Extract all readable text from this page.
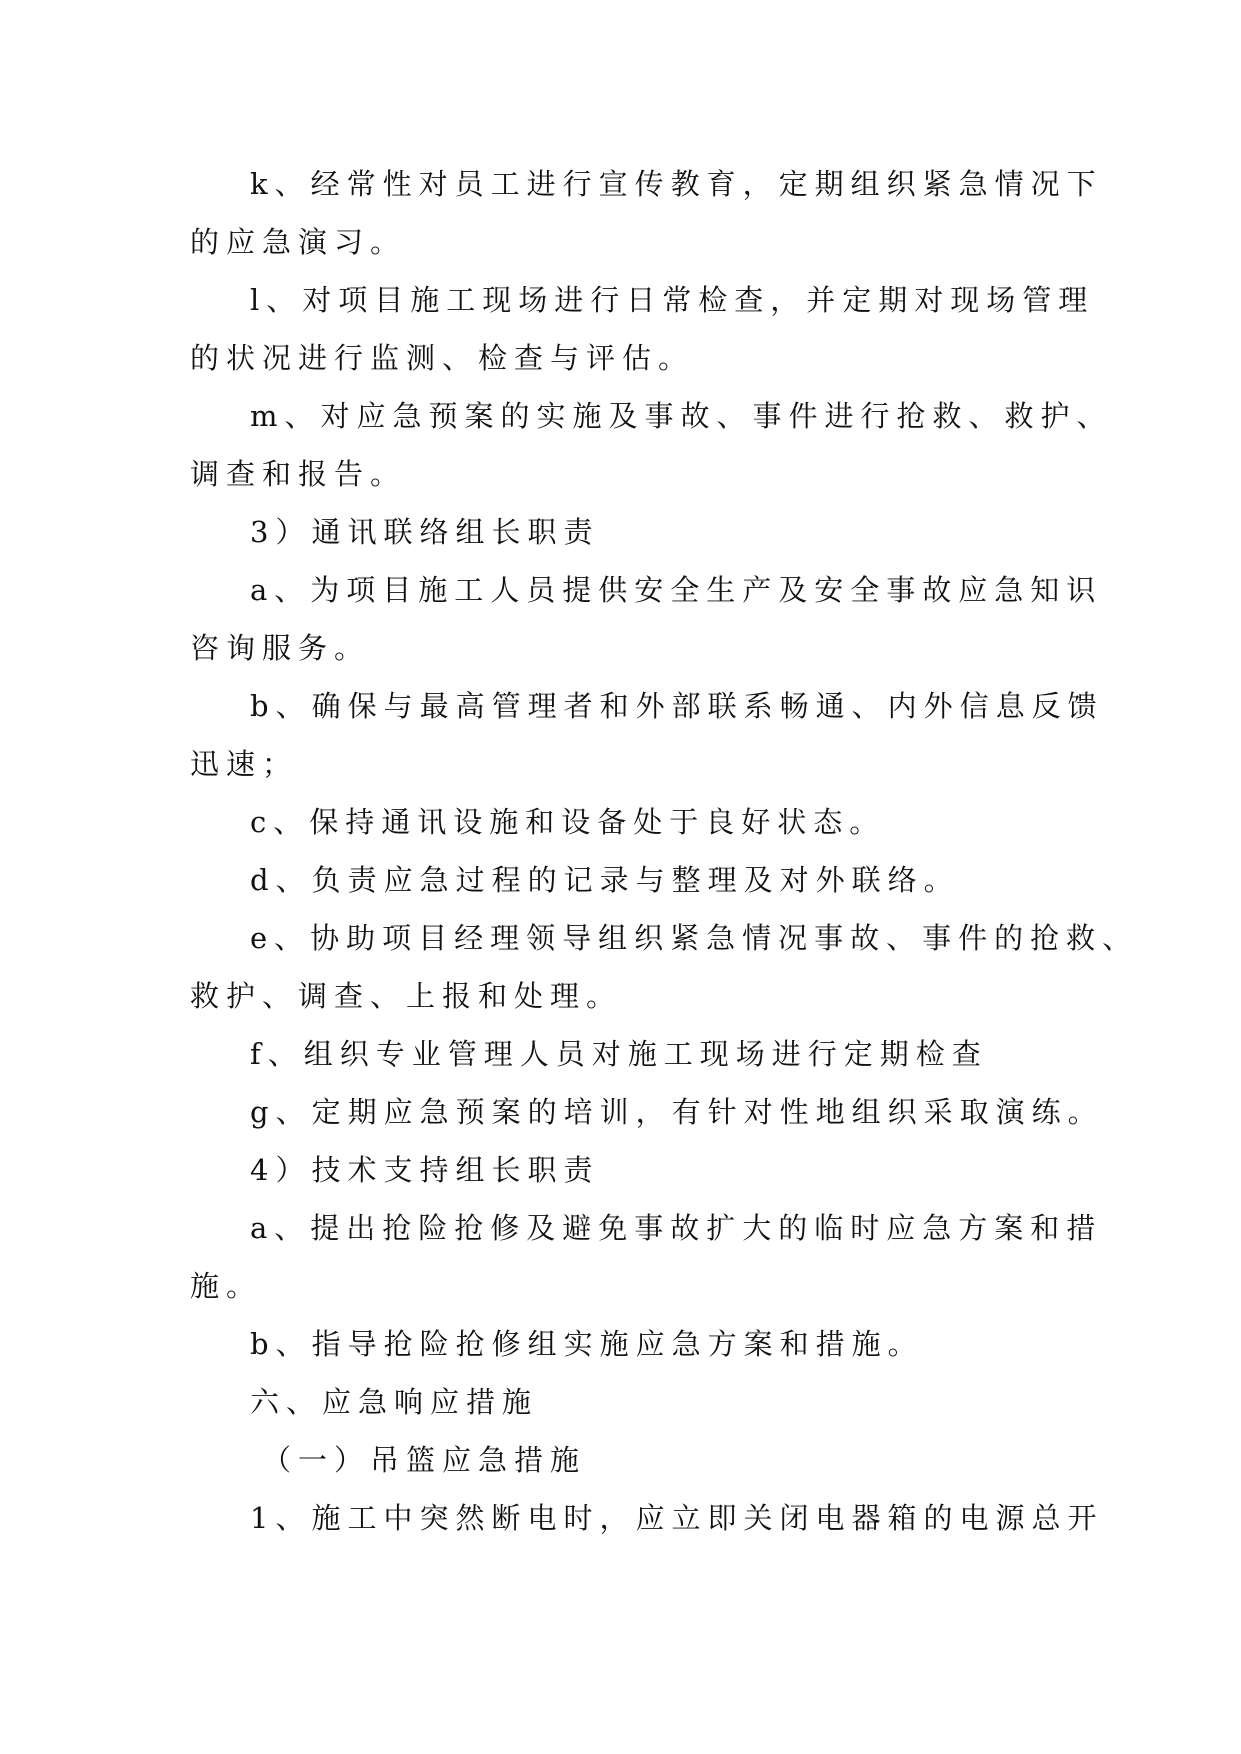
k、经常性对员工进行宣传教育，定期组织紧急情况下
的应急演习。
l、对项目施工现场进行日常检查，并定期对现场管理
的状况进行监测、检查与评估。
m、对应急预案的实施及事故、事件进行抢救、救护、
调查和报告。
3）通讯联络组长职责
a、为项目施工人员提供安全生产及安全事故应急知识
咨询服务。
b、确保与最高管理者和外部联系畅通、内外信息反馈
迅速；
c、保持通讯设施和设备处于良好状态。
d、负责应急过程的记录与整理及对外联络。
e、协助项目经理领导组织紧急情况事故、事件的抢救、
救护、调查、上报和处理。
f、组织专业管理人员对施工现场进行定期检查
g、定期应急预案的培训，有针对性地组织采取演练。
4）技术支持组长职责
a、提出抢险抢修及避免事故扩大的临时应急方案和措
施。
b、指导抢险抢修组实施应急方案和措施。
六、应急响应措施
（一）吊篮应急措施
1、施工中突然断电时，应立即关闭电器箱的电源总开
